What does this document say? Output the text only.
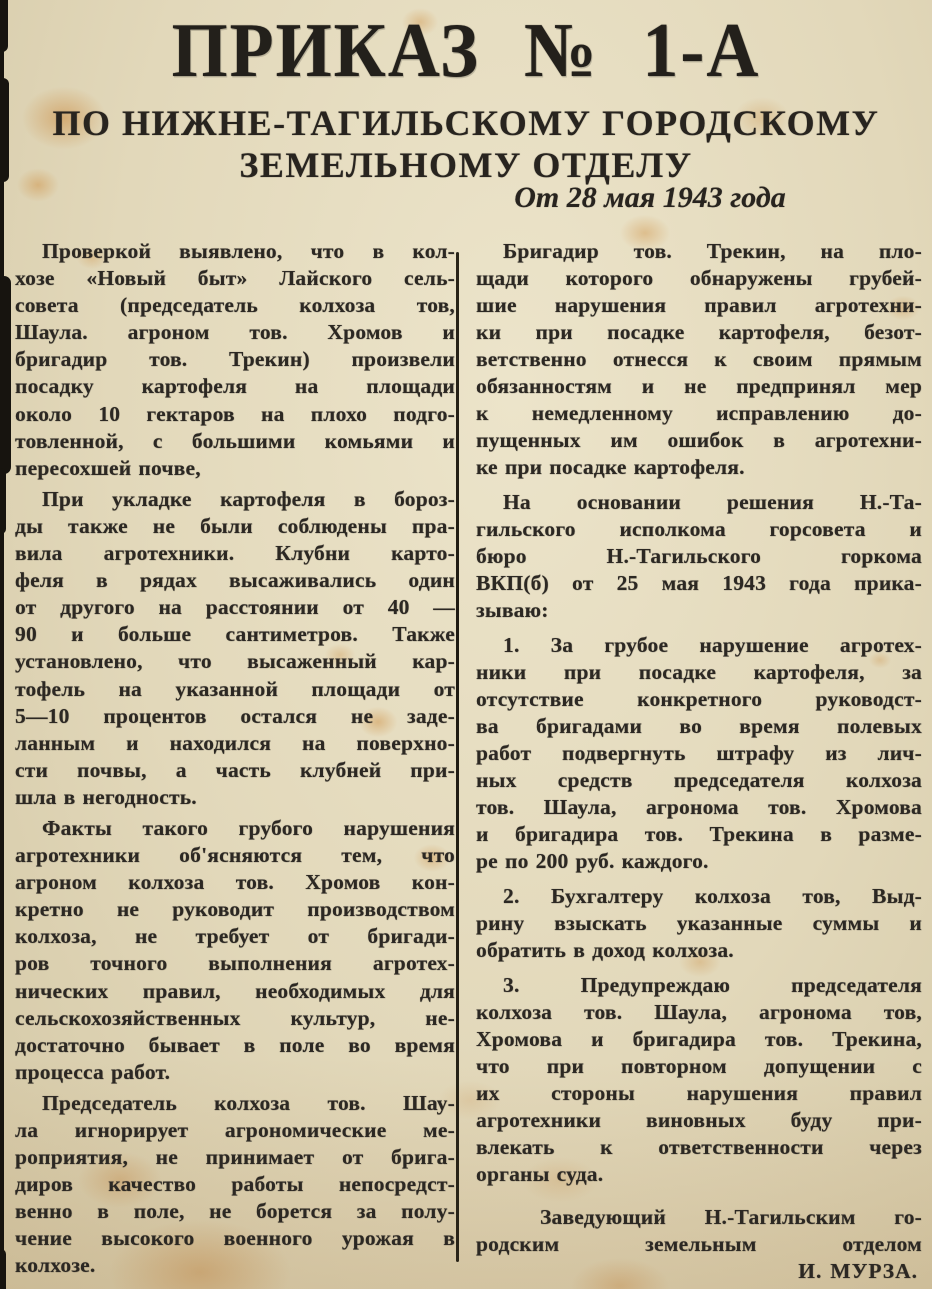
ПРИКАЗ № 1-А
ПО НИЖНЕ-ТАГИЛЬСКОМУ ГОРОДСКОМУ
ЗЕМЕЛЬНОМУ ОТДЕЛУ
От 28 мая 1943 года
Проверкой выявлено, что в кол-
хозе «Новый быт» Лайского сель-
совета (председатель колхоза тов,
Шаула. агроном тов. Хромов и
бригадир тов. Трекин) произвели
посадку картофеля на площади
около 10 гектаров на плохо подго-
товленной, с большими комьями и
пересохшей почве,
При укладке картофеля в бороз-
ды также не были соблюдены пра-
вила агротехники. Клубни карто-
феля в рядах высаживались один
от другого на расстоянии от 40 —
90 и больше сантиметров. Также
установлено, что высаженный кар-
тофель на указанной площади от
5—10 процентов остался не заде-
ланным и находился на поверхно-
сти почвы, а часть клубней при-
шла в негодность.
Факты такого грубого нарушения
агротехники об'ясняются тем, что
агроном колхоза тов. Хромов кон-
кретно не руководит производством
колхоза, не требует от бригади-
ров точного выполнения агротех-
нических правил, необходимых для
сельскохозяйственных культур, не-
достаточно бывает в поле во время
процесса работ.
Председатель колхоза тов. Шау-
ла игнорирует агрономические ме-
роприятия, не принимает от брига-
диров качество работы непосредст-
венно в поле, не борется за полу-
чение высокого военного урожая в
колхозе.
Бригадир тов. Трекин, на пло-
щади которого обнаружены грубей-
шие нарушения правил агротехни-
ки при посадке картофеля, безот-
ветственно отнесся к своим прямым
обязанностям и не предпринял мер
к немедленному исправлению до-
пущенных им ошибок в агротехни-
ке при посадке картофеля.
На основании решения Н.-Та-
гильского исполкома горсовета и
бюро Н.-Тагильского горкома
ВКП(б) от 25 мая 1943 года прика-
зываю:
1. За грубое нарушение агротех-
ники при посадке картофеля, за
отсутствие конкретного руководст-
ва бригадами во время полевых
работ подвергнуть штрафу из лич-
ных средств председателя колхоза
тов. Шаула, агронома тов. Хромова
и бригадира тов. Трекина в разме-
ре по 200 руб. каждого.
2. Бухгалтеру колхоза тов, Выд-
рину взыскать указанные суммы и
обратить в доход колхоза.
3. Предупреждаю председателя
колхоза тов. Шаула, агронома тов,
Хромова и бригадира тов. Трекина,
что при повторном допущении с
их стороны нарушения правил
агротехники виновных буду при-
влекать к ответственности через
органы суда.
Заведующий Н.-Тагильским го-
родским земельным отделом
И. МУРЗА.
